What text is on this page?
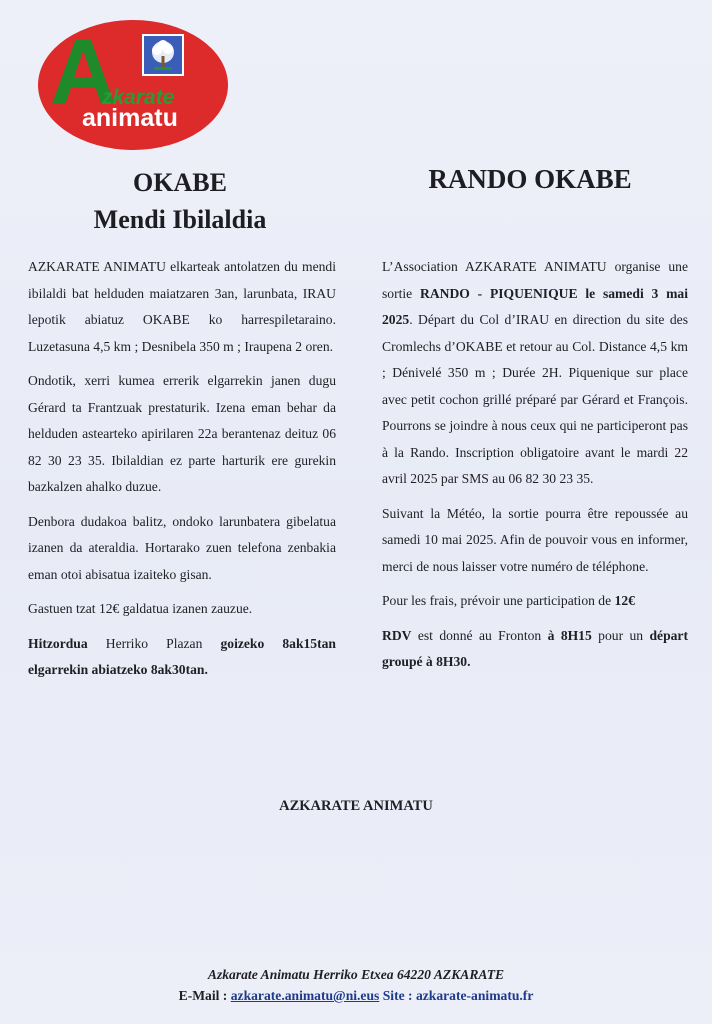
A
zkarate
animatu
OKABE
Mendi Ibilaldia
RANDO OKABE

AZKARATE ANIMATU elkarteak antolatzen du mendi ibilaldi bat helduden maiatzaren 3an, larunbata, IRAU lepotik abiatuz OKABE ko harrespiletaraino. Luzetasuna 4,5 km ; Desnibela 350 m ; Iraupena 2 oren.

Ondotik, xerri kumea errerik elgarrekin janen dugu Gérard ta Frantzuak prestaturik. Izena eman behar da helduden astearteko apirilaren 22a berantenaz deituz 06 82 30 23 35. Ibilaldian ez parte harturik ere gurekin bazkalzen ahalko duzue.

Denbora dudakoa balitz, ondoko larunbatera gibelatua izanen da ateraldia. Hortarako zuen telefona zenbakia eman otoi abisatua izaiteko gisan.

Gastuen tzat 12€ galdatua izanen zauzue.

Hitzordua Herriko Plazan goizeko 8ak15tan elgarrekin abiatzeko 8ak30tan.

L’Association AZKARATE ANIMATU organise une sortie RANDO - PIQUENIQUE le samedi 3 mai 2025. Départ du Col d’IRAU en direction du site des Cromlechs d’OKABE et retour au Col. Distance 4,5 km ; Dénivelé 350 m ; Durée 2H. Piquenique sur place avec petit cochon grillé préparé par Gérard et François. Pourrons se joindre à nous ceux qui ne participeront pas à la Rando. Inscription obligatoire avant le mardi 22 avril 2025 par SMS au 06 82 30 23 35.

Suivant la Météo, la sortie pourra être repoussée au samedi 10 mai 2025. Afin de pouvoir vous en informer, merci de nous laisser votre numéro de téléphone.

Pour les frais, prévoir une participation de 12€

RDV est donné au Fronton à 8H15 pour un départ groupé à 8H30.

AZKARATE ANIMATU
Azkarate Animatu Herriko Etxea 64220 AZKARATE
E-Mail : azkarate.animatu@ni.eus Site : azkarate-animatu.fr
